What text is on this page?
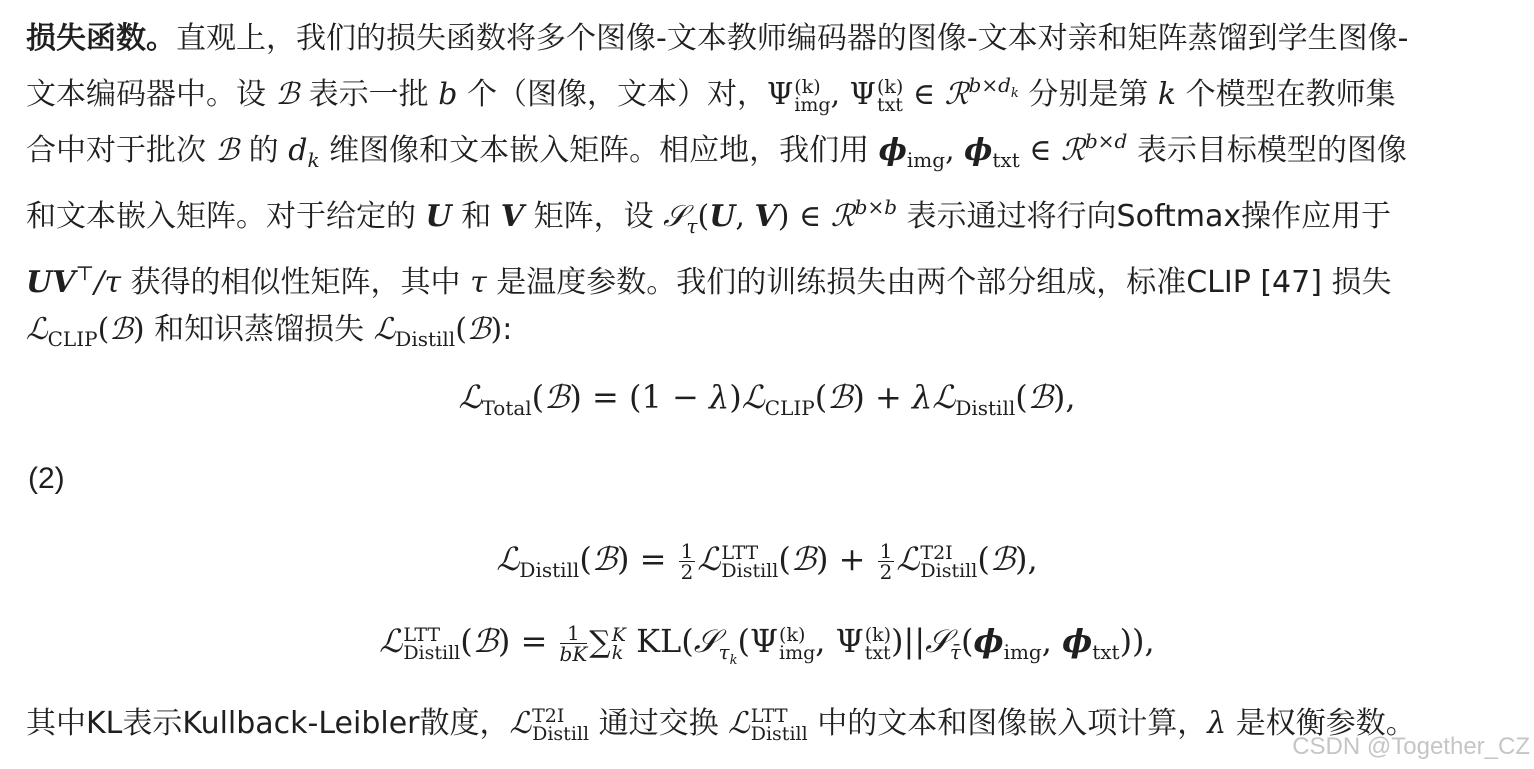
损失函数。直观上，我们的损失函数将多个图像-文本教师编码器的图像-文本对亲和矩阵蒸馏到学生图像-
文本编码器中。设 ℬ 表示一批 b 个（图像，文本）对，Ψ (k)
img , Ψ (k)
txt ∈ ℛ$^{b\times d_k}$ 分别是第 k 个模型在教师集
合中对于批次 ℬ 的 $d_k$ 维图像和文本嵌入矩阵。相应地，我们用 $\phi_{img}$, $\phi_{txt}$ ∈ ℛ$^{b\times d}$ 表示目标模型的图像
和文本嵌入矩阵。对于给定的 U 和 V 矩阵，设 𝒮$_\tau$(U, V) ∈ ℛ$^{b\times b}$ 表示通过将行向Softmax操作应用于
UV⊤/τ 获得的相似性矩阵，其中 τ 是温度参数。我们的训练损失由两个部分组成，标准CLIP [47] 损失
ℒ$_{CLIP}$(ℬ) 和知识蒸馏损失 ℒ$_{Distill}$(ℬ):
ℒ$_{Total}$(ℬ) = (1 − λ)ℒ$_{CLIP}$(ℬ) + λℒ$_{Distill}$(ℬ),
(2)
ℒ$_{Distill}$(ℬ) = $\frac{1}{2}$ ℒ LTT
Distill (ℬ) + $\frac{1}{2}$ ℒ T2I
Distill (ℬ),
ℒ LTT
Distill (ℬ) = $\frac{1}{bK}$ ∑ K
k KL(𝒮$_{\tau_k}$(Ψ (k)
img , Ψ (k)
txt )$||𝒮_{\taū}(\phi_{img}$, $\phi_{txt}$)),
其中KL表示Kullback-Leibler散度，ℒ T2I
Distill 通过交换 ℒ LTT
Distill 中的文本和图像嵌入项计算，λ 是权衡参数。
CSDN @Together_CZ
